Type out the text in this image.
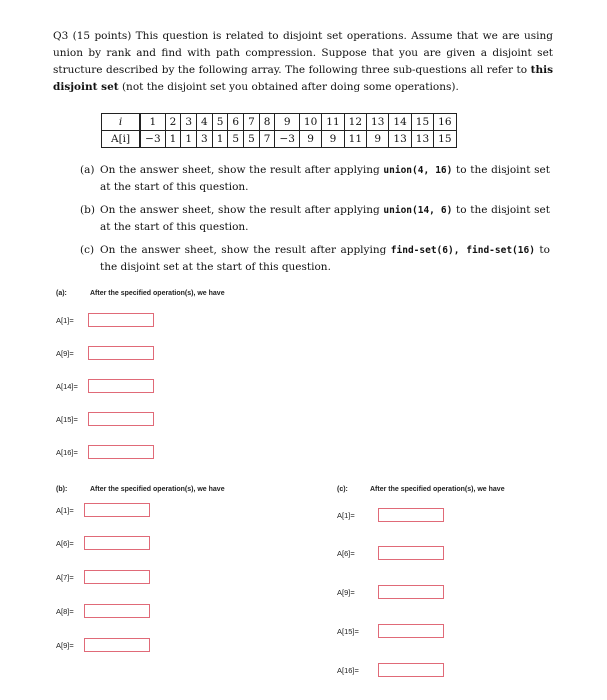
Q3 (15 points) This question is related to disjoint set operations. Assume that we are using union by rank and find with path compression. Suppose that you are given a disjoint set structure described by the following array. The following three sub-questions all refer to this disjoint set (not the disjoint set you obtained after doing some operations).

i	1	2	3	4	5	6	7	8	9	10	11	12	13	14	15	16
A[i]	−3	1	1	3	1	5	5	7	−3	9	9	11	9	13	13	15
(a) On the answer sheet, show the result after applying union(4, 16) to the disjoint set at the start of this question.
(b) On the answer sheet, show the result after applying union(14, 6) to the disjoint set at the start of this question.
(c) On the answer sheet, show the result after applying find-set(6), find-set(16) to the disjoint set at the start of this question.
(a):	After the specified operation(s), we have
A[1]=
A[9]=
A[14]=
A[15]=
A[16]=
(b):	After the specified operation(s), we have
A[1]=
A[6]=
A[7]=
A[8]=
A[9]=
(c):	After the specified operation(s), we have
A[1]=
A[6]=
A[9]=
A[15]=
A[16]=
